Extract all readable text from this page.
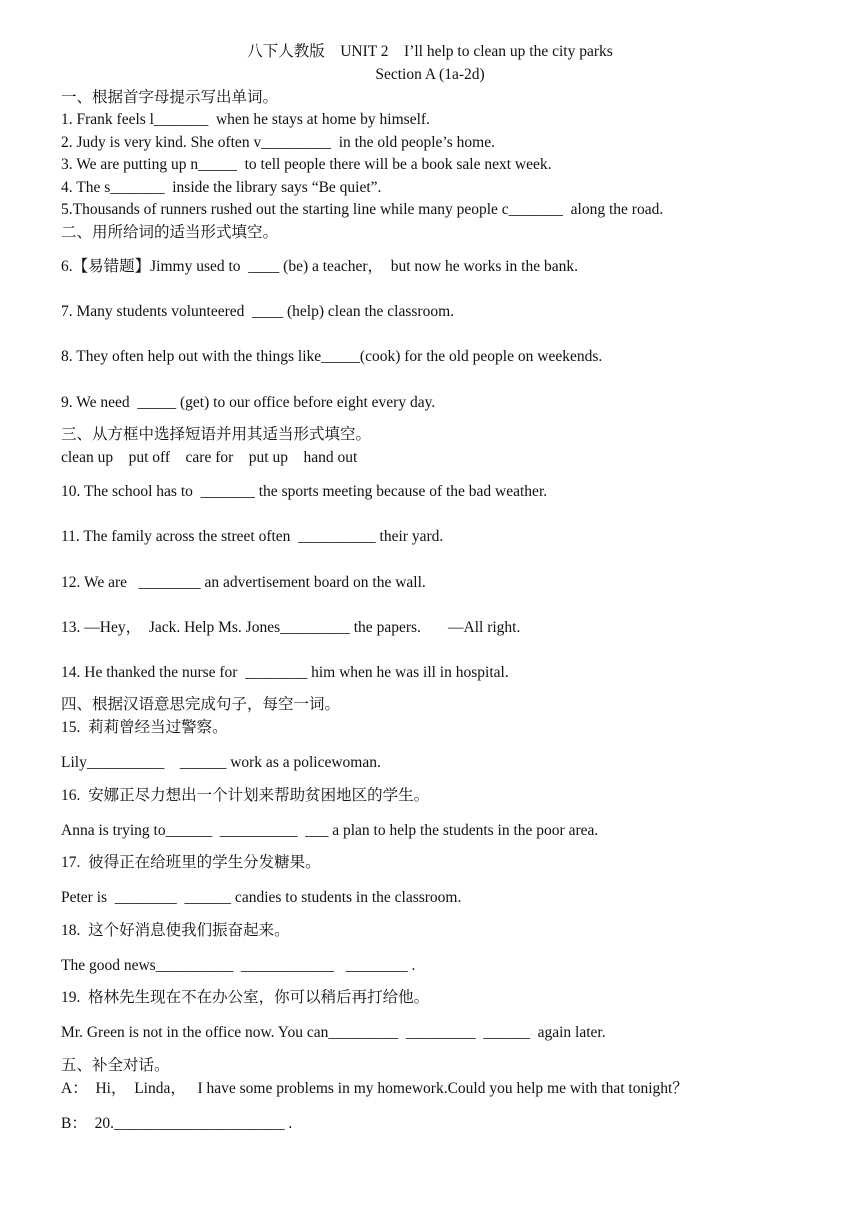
八下人教版    UNIT 2    I’ll help to clean up the city parks
Section A (1a-2d)
一、根据首字母提示写出单词。
1. Frank feels l_______  when he stays at home by himself.
2. Judy is very kind. She often v_________  in the old people’s home.
3. We are putting up n_____  to tell people there will be a book sale next week.
4. The s_______  inside the library says “Be quiet”.
5.Thousands of runners rushed out the starting line while many people c_______  along the road.
二、用所给词的适当形式填空。
6.【易错题】Jimmy used to  ____ (be) a teacher，  but now he works in the bank.
7. Many students volunteered  ____ (help) clean the classroom.
8. They often help out with the things like_____(cook) for the old people on weekends.
9. We need  _____ (get) to our office before eight every day.
三、从方框中选择短语并用其适当形式填空。
clean up    put off    care for    put up    hand out
10. The school has to  _______ the sports meeting because of the bad weather.
11. The family across the street often  __________ their yard.
12. We are   ________ an advertisement board on the wall.
13. —Hey，  Jack. Help Ms. Jones_________ the papers.       —All right.
14. He thanked the nurse for  ________ him when he was ill in hospital.
四、根据汉语意思完成句子，每空一词。
15.  莉莉曾经当过警察。
Lily__________    ______ work as a policewoman.
16.  安娜正尽力想出一个计划来帮助贫困地区的学生。
Anna is trying to______  __________  ___ a plan to help the students in the poor area.
17.  彼得正在给班里的学生分发糖果。
Peter is  ________  ______ candies to students in the classroom.
18.  这个好消息使我们振奋起来。
The good news__________  ____________   ________ .
19.  格林先生现在不在办公室，你可以稍后再打给他。
Mr. Green is not in the office now. You can_________  _________  ______  again later.
五、补全对话。
A：  Hi，  Linda，   I have some problems in my homework.Could you help me with that tonight？
B：  20.______________________ .
